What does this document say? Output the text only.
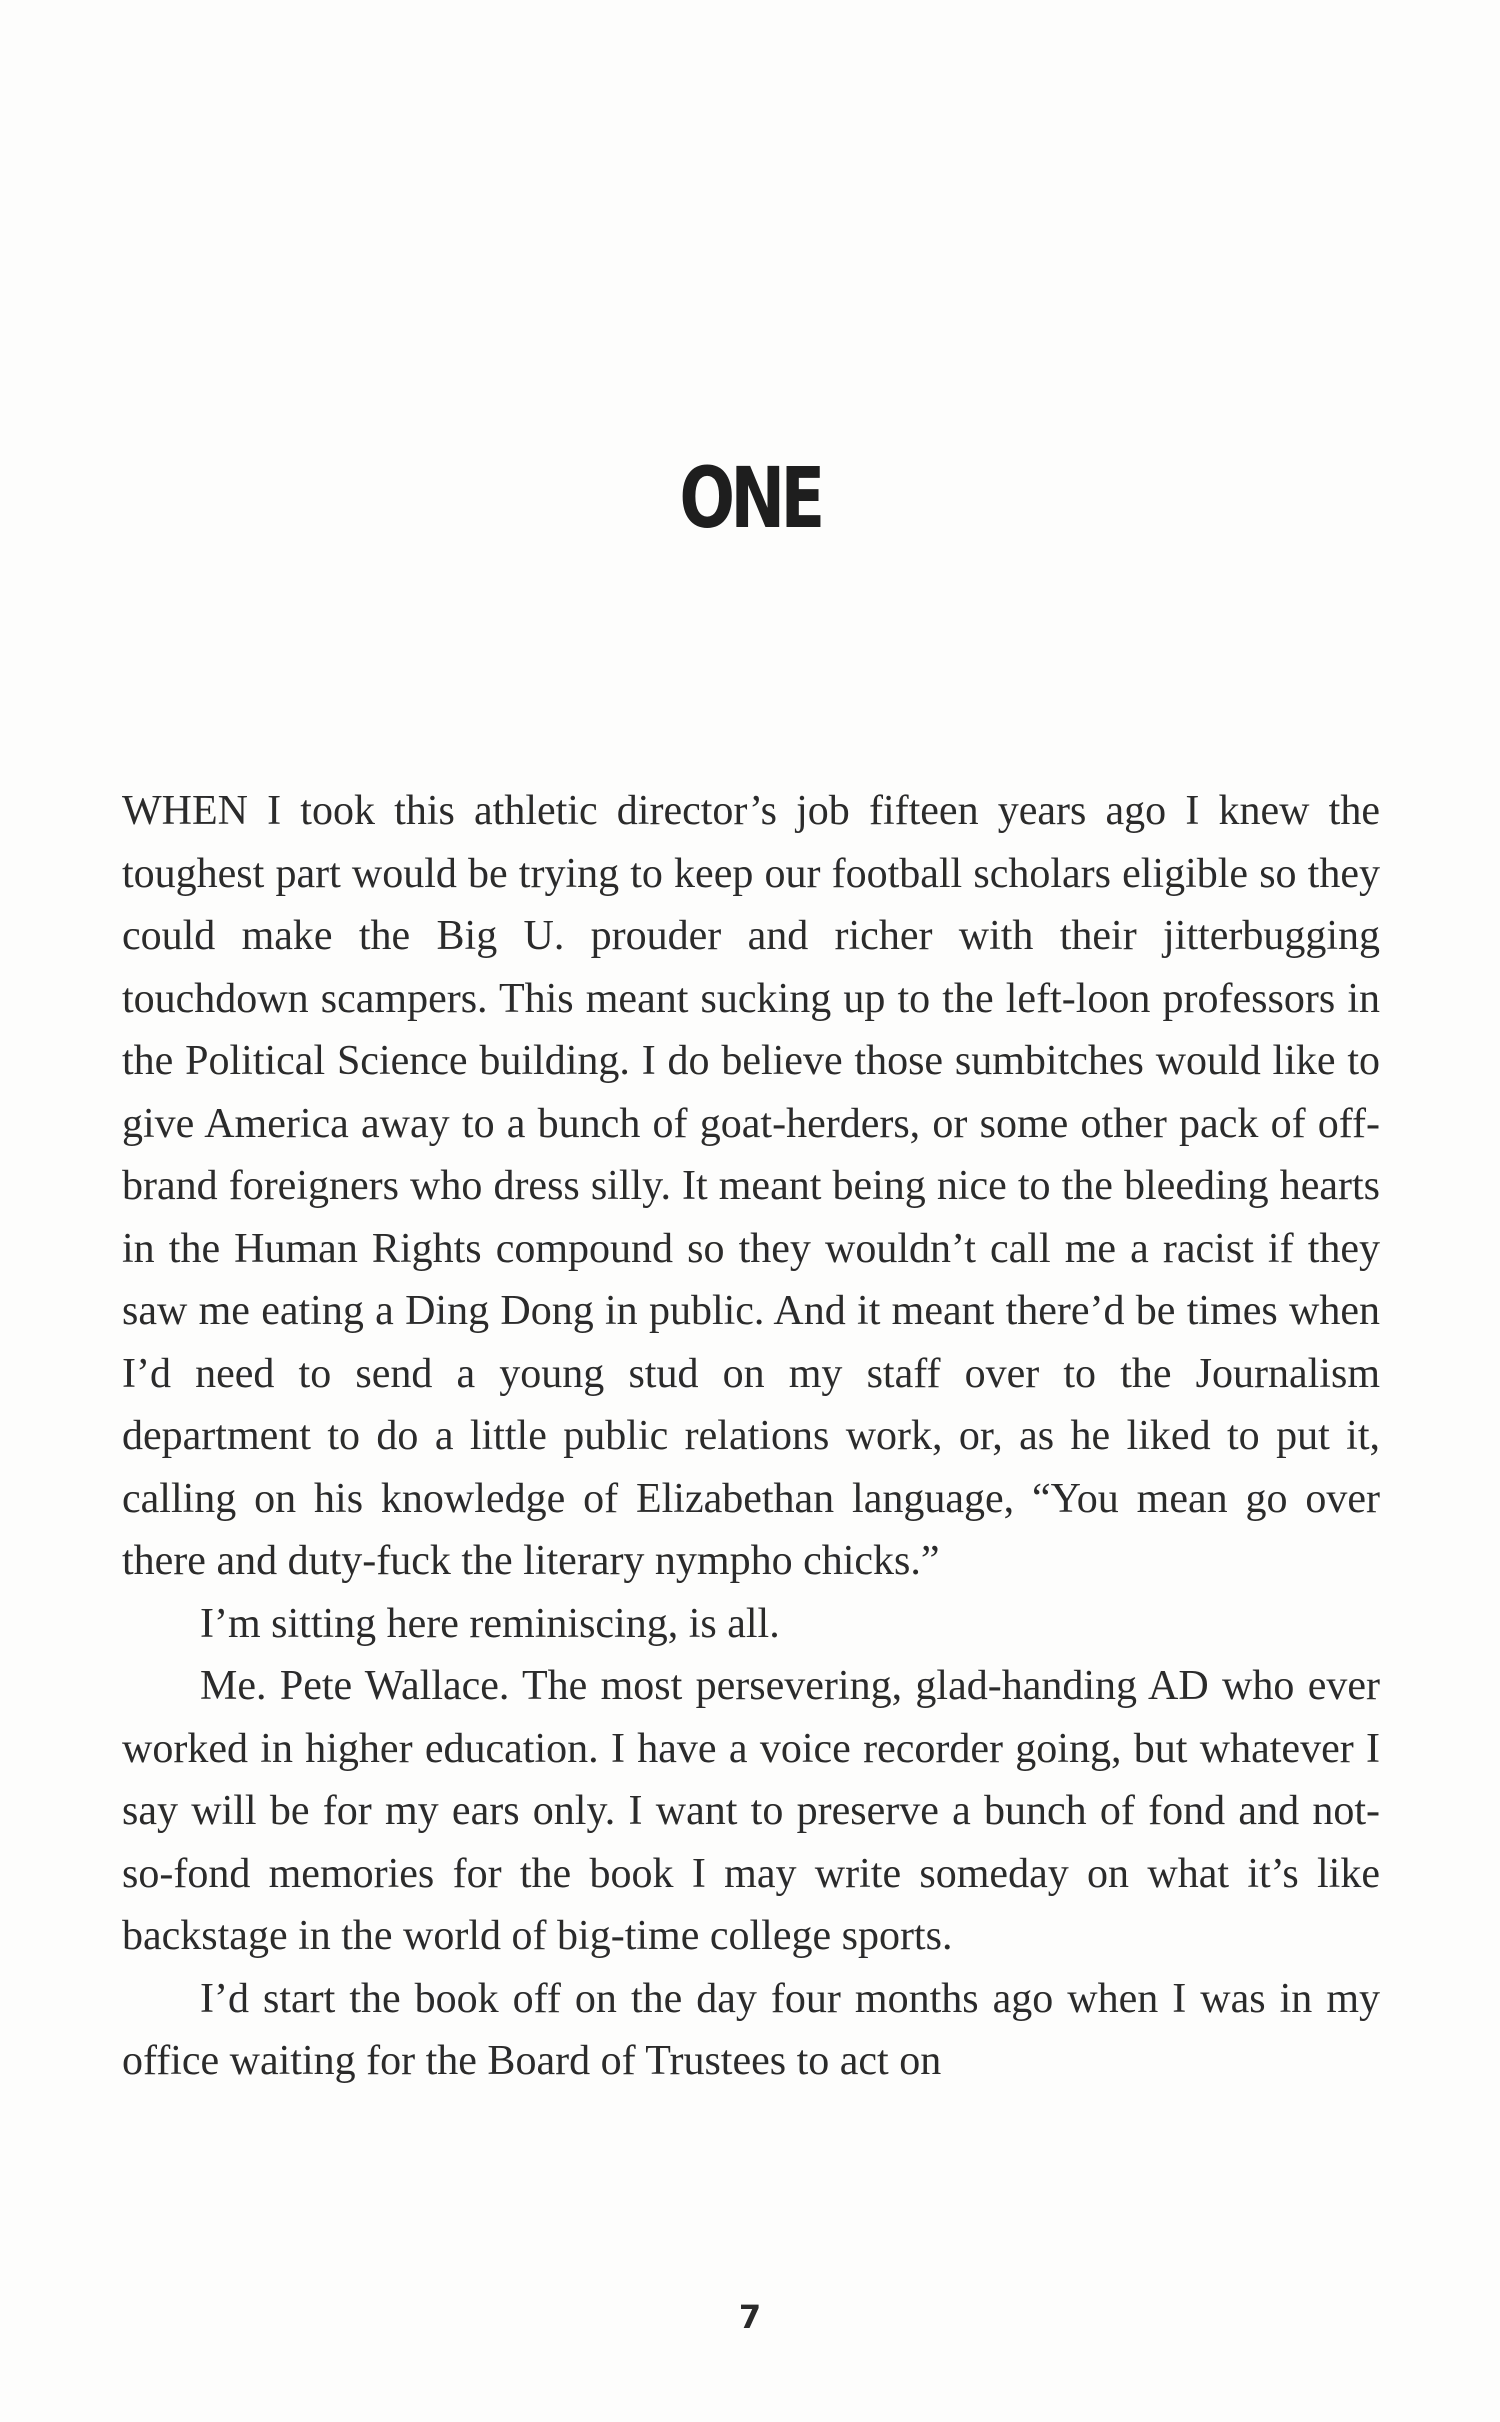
ONE

WHEN I took this athletic director’s job fifteen years ago I knew the toughest part would be trying to keep our football scholars eligible so they could make the Big U. prouder and richer with their jitterbugging touchdown scampers. This meant sucking up to the left-loon professors in the Political Science building. I do believe those sumbitches would like to give America away to a bunch of goat-herders, or some other pack of off-brand foreigners who dress silly. It meant being nice to the bleeding hearts in the Human Rights compound so they wouldn’t call me a racist if they saw me eating a Ding Dong in public. And it meant there’d be times when I’d need to send a young stud on my staff over to the Journalism department to do a little public relations work, or, as he liked to put it, calling on his knowledge of Elizabethan language, “You mean go over there and duty-fuck the literary nympho chicks.”

I’m sitting here reminiscing, is all.

Me. Pete Wallace. The most persevering, glad-handing AD who ever worked in higher education. I have a voice recorder going, but whatever I say will be for my ears only. I want to preserve a bunch of fond and not-so-fond memories for the book I may write someday on what it’s like backstage in the world of big-time college sports.

I’d start the book off on the day four months ago when I was in my office waiting for the Board of Trustees to act on

7
